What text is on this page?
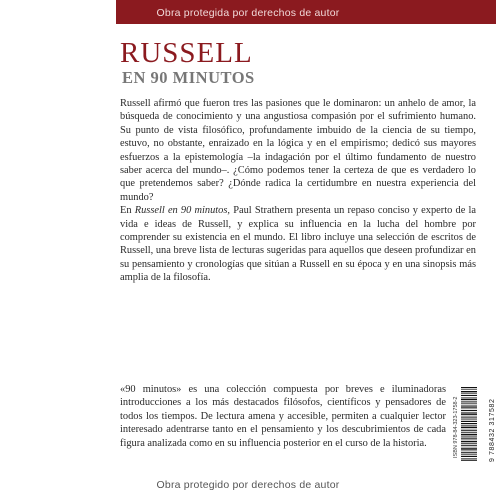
Obra protegida por derechos de autor
RUSSELL
EN 90 MINUTOS

Russell afirmó que fueron tres las pasiones que le dominaron: un anhelo de amor, la búsqueda de conocimiento y una angustiosa compasión por el sufrimiento humano. Su punto de vista filosófico, profundamente imbuido de la ciencia de su tiempo, estuvo, no obstante, enraizado en la lógica y en el empirismo; dedicó sus mayores esfuerzos a la epistemología –la indagación por el último fundamento de nuestro saber acerca del mundo–. ¿Cómo podemos tener la certeza de que es verdadero lo que pretendemos saber? ¿Dónde radica la certidumbre en nuestra experiencia del mundo?

En Russell en 90 minutos, Paul Strathern presenta un repaso conciso y experto de la vida e ideas de Russell, y explica su influencia en la lucha del hombre por comprender su existencia en el mundo. El libro incluye una selección de escritos de Russell, una breve lista de lecturas sugeridas para aquellos que deseen profundizar en su pensamiento y cronologías que sitúan a Russell en su época y en una sinopsis más amplia de la filosofía.

«90 minutos» es una colección compuesta por breves e iluminadoras introducciones a los más destacados filósofos, científicos y pensadores de todos los tiempos. De lectura amena y accesible, permiten a cualquier lector interesado adentrarse tanto en el pensamiento y los descubrimientos de cada figura analizada como en su influencia posterior en el curso de la historia.	ISBN 978-84-323-1758-2	9 788432 317582
Obra protegido por derechos de autor
